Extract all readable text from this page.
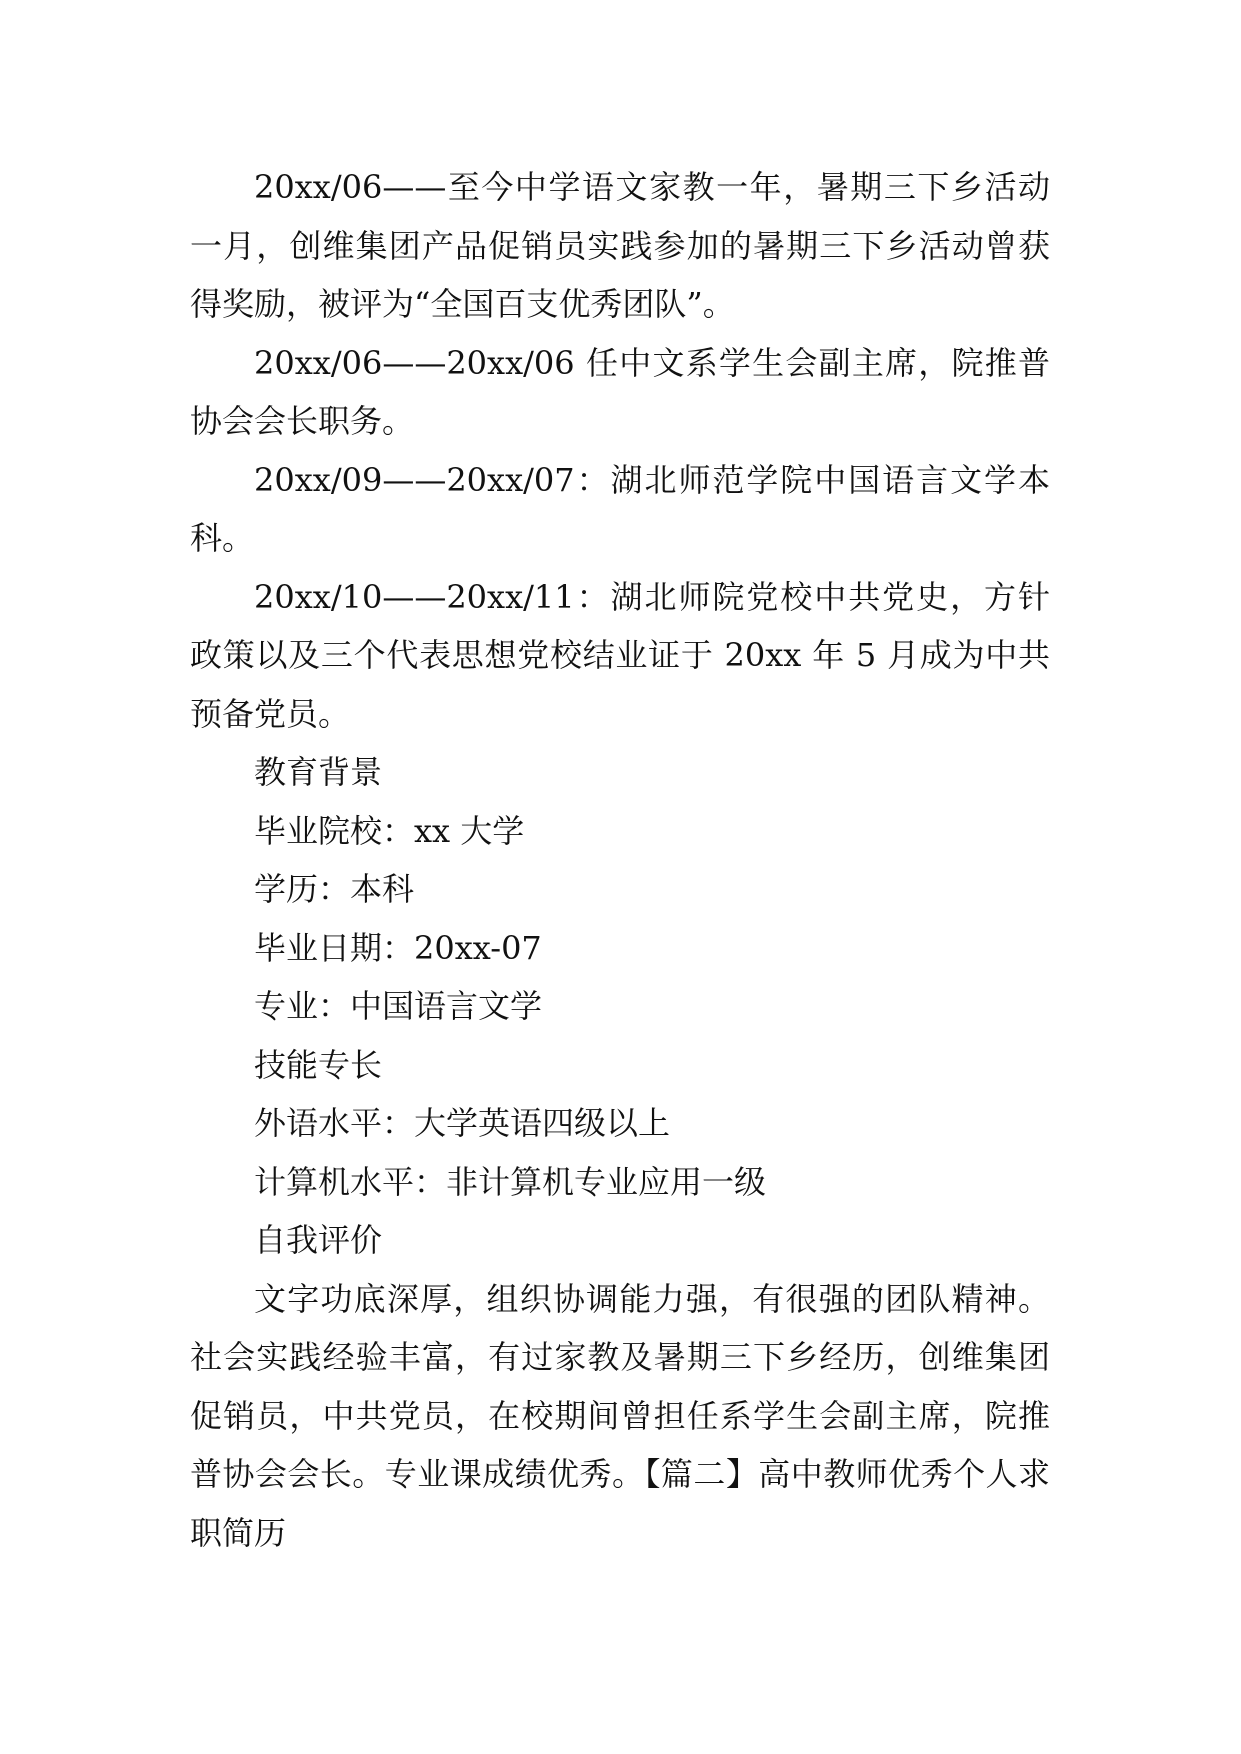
20xx/06——至今中学语文家教一年，暑期三下乡活动一月，创维集团产品促销员实践参加的暑期三下乡活动曾获得奖励，被评为“全国百支优秀团队”。

20xx/06——20xx/06 任中文系学生会副主席，院推普协会会长职务。

20xx/09——20xx/07：湖北师范学院中国语言文学本科。

20xx/10——20xx/11：湖北师院党校中共党史，方针政策以及三个代表思想党校结业证于 20xx 年 5 月成为中共预备党员。

教育背景

毕业院校：xx 大学

学历：本科

毕业日期：20xx-07

专业：中国语言文学

技能专长

外语水平：大学英语四级以上

计算机水平：非计算机专业应用一级

自我评价

文字功底深厚，组织协调能力强，有很强的团队精神。社会实践经验丰富，有过家教及暑期三下乡经历，创维集团促销员，中共党员，在校期间曾担任系学生会副主席，院推普协会会长。专业课成绩优秀。【篇二】高中教师优秀个人求职简历
